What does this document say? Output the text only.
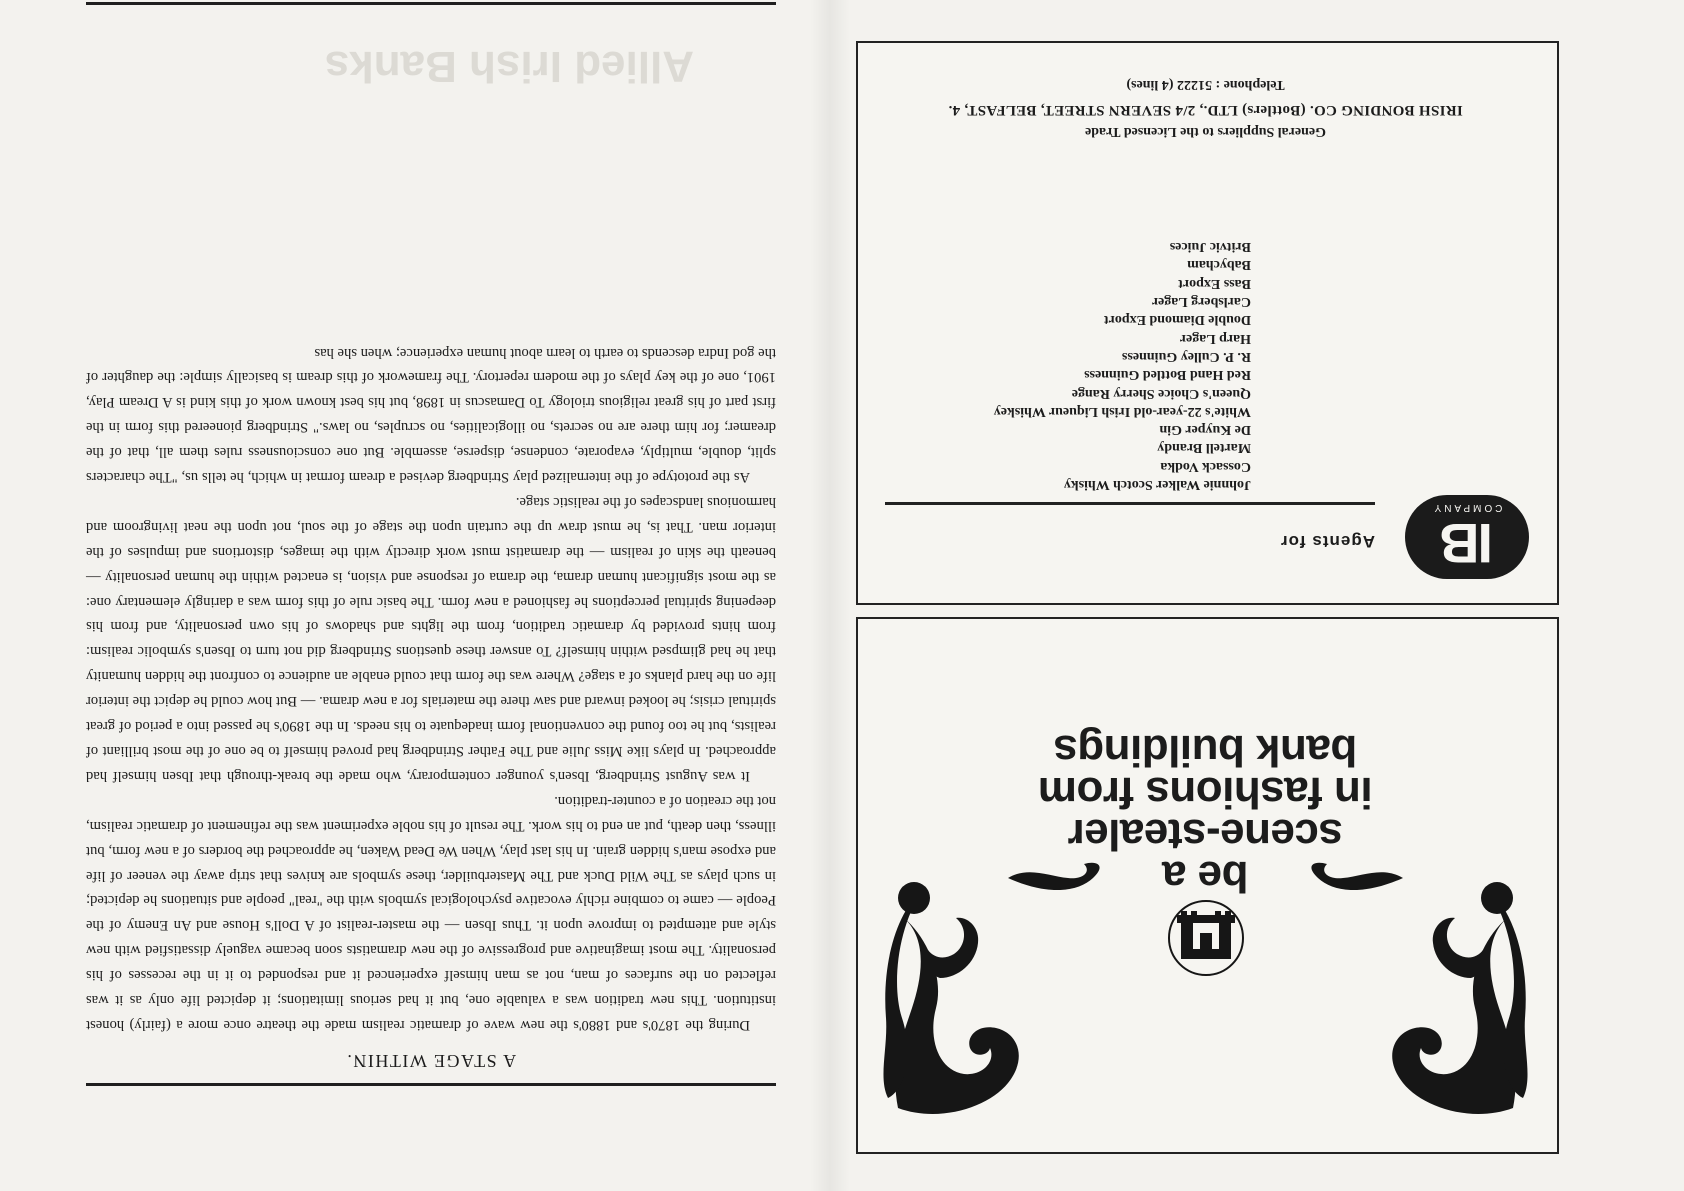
Allied Irish Banks
IB
COMPANY
Agents for
Johnnie Walker Scotch Whisky
Cossack Vodka
Martell Brandy
De Kuyper Gin
White's 22-year-old Irish Liqueur Whiskey
Queen's Choice Sherry Range
Red Hand Bottled Guinness
R. P. Culley Guinness
Harp Lager
Double Diamond Export
Carlsberg Lager
Bass Export
Babycham
Britvic Juices
General Suppliers to the Licensed Trade
IRISH BONDING CO. (Bottlers) LTD., 2/4 SEVERN STREET, BELFAST, 4.
Telephone : 51222 (4 lines)
be a
scene-stealer
in fashions from
bank buildings
A STAGE WITHIN.

During the 1870's and 1880's the new wave of dramatic realism made the theatre once more a (fairly) honest institution. This new tradition was a valuable one, but it had serious limitations; it depicted life only as it was reflected on the surfaces of man, not as man himself experienced it and responded to it in the recesses of his personality. The most imaginative and progressive of the new dramatists soon became vaguely dissatisfied with new style and attempted to improve upon it. Thus Ibsen — the master-realist of A Doll's House and An Enemy of the People — came to combine richly evocative psychological symbols with the "real" people and situations he depicted; in such plays as The Wild Duck and The Masterbuilder, these symbols are knives that strip away the veneer of life and expose man's hidden grain. In his last play, When We Dead Waken, he approached the borders of a new form, but illness, then death, put an end to his work. The result of his noble experiment was the refinement of dramatic realism, not the creation of a counter-tradition.

It was August Strindberg, Ibsen's younger contemporary, who made the break-through that Ibsen himself had approached. In plays like Miss Julie and The Father Strindberg had proved himself to be one of the most brilliant of realists, but he too found the conventional form inadequate to his needs. In the 1890's he passed into a period of great spiritual crisis; he looked inward and saw there the materials for a new drama. — But how could he depict the interior life on the hard planks of a stage? Where was the form that could enable an audience to confront the hidden humanity that he had glimpsed within himself? To answer these questions Strindberg did not turn to Ibsen's symbolic realism: from hints provided by dramatic tradition, from the lights and shadows of his own personality, and from his deepening spiritual perceptions he fashioned a new form. The basic rule of this form was a daringly elementary one: as the most significant human drama, the drama of response and vision, is enacted within the human personality — beneath the skin of realism — the dramatist must work directly with the images, distortions and impulses of the interior man. That is, he must draw up the curtain upon the stage of the soul, not upon the neat livingroom and harmonious landscapes of the realistic stage.

As the prototype of the internalized play Strindberg devised a dream format in which, he tells us, "The characters split, double, multiply, evaporate, condense, disperse, assemble. But one consciousness rules them all, that of the dreamer; for him there are no secrets, no illogicalities, no scruples, no laws." Strindberg pioneered this form in the first part of his great religious triology To Damascus in 1898, but his best known work of this kind is A Dream Play, 1901, one of the key plays of the modern repertory. The framework of this dream is basically simple: the daughter of the god Indra descends to earth to learn about human experience; when she has
